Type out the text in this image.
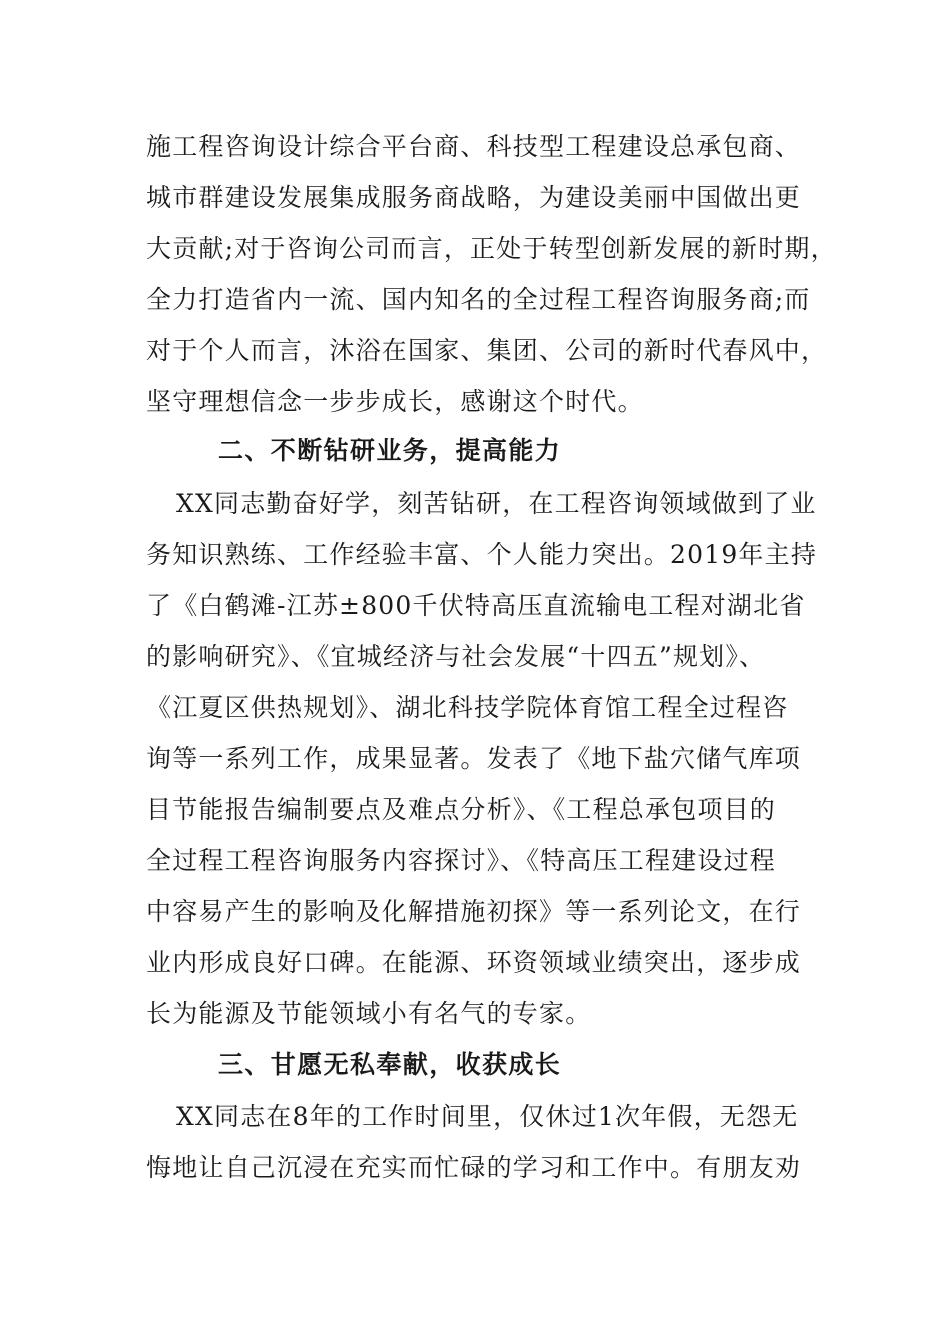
施工程咨询设计综合平台商、科技型工程建设总承包商、
城市群建设发展集成服务商战略，为建设美丽中国做出更
大贡献;对于咨询公司而言，正处于转型创新发展的新时期，
全力打造省内一流、国内知名的全过程工程咨询服务商;而
对于个人而言，沐浴在国家、集团、公司的新时代春风中，
坚守理想信念一步步成长，感谢这个时代。
二、不断钻研业务，提高能力
XX同志勤奋好学，刻苦钻研，在工程咨询领域做到了业
务知识熟练、工作经验丰富、个人能力突出。2019年主持
了《白鹤滩-江苏±800千伏特高压直流输电工程对湖北省
的影响研究》、《宜城经济与社会发展“十四五”规划》、
《江夏区供热规划》、湖北科技学院体育馆工程全过程咨
询等一系列工作，成果显著。发表了《地下盐穴储气库项
目节能报告编制要点及难点分析》、《工程总承包项目的
全过程工程咨询服务内容探讨》、《特高压工程建设过程
中容易产生的影响及化解措施初探》等一系列论文，在行
业内形成良好口碑。在能源、环资领域业绩突出，逐步成
长为能源及节能领域小有名气的专家。
三、甘愿无私奉献，收获成长
XX同志在8年的工作时间里，仅休过1次年假，无怨无
悔地让自己沉浸在充实而忙碌的学习和工作中。有朋友劝
